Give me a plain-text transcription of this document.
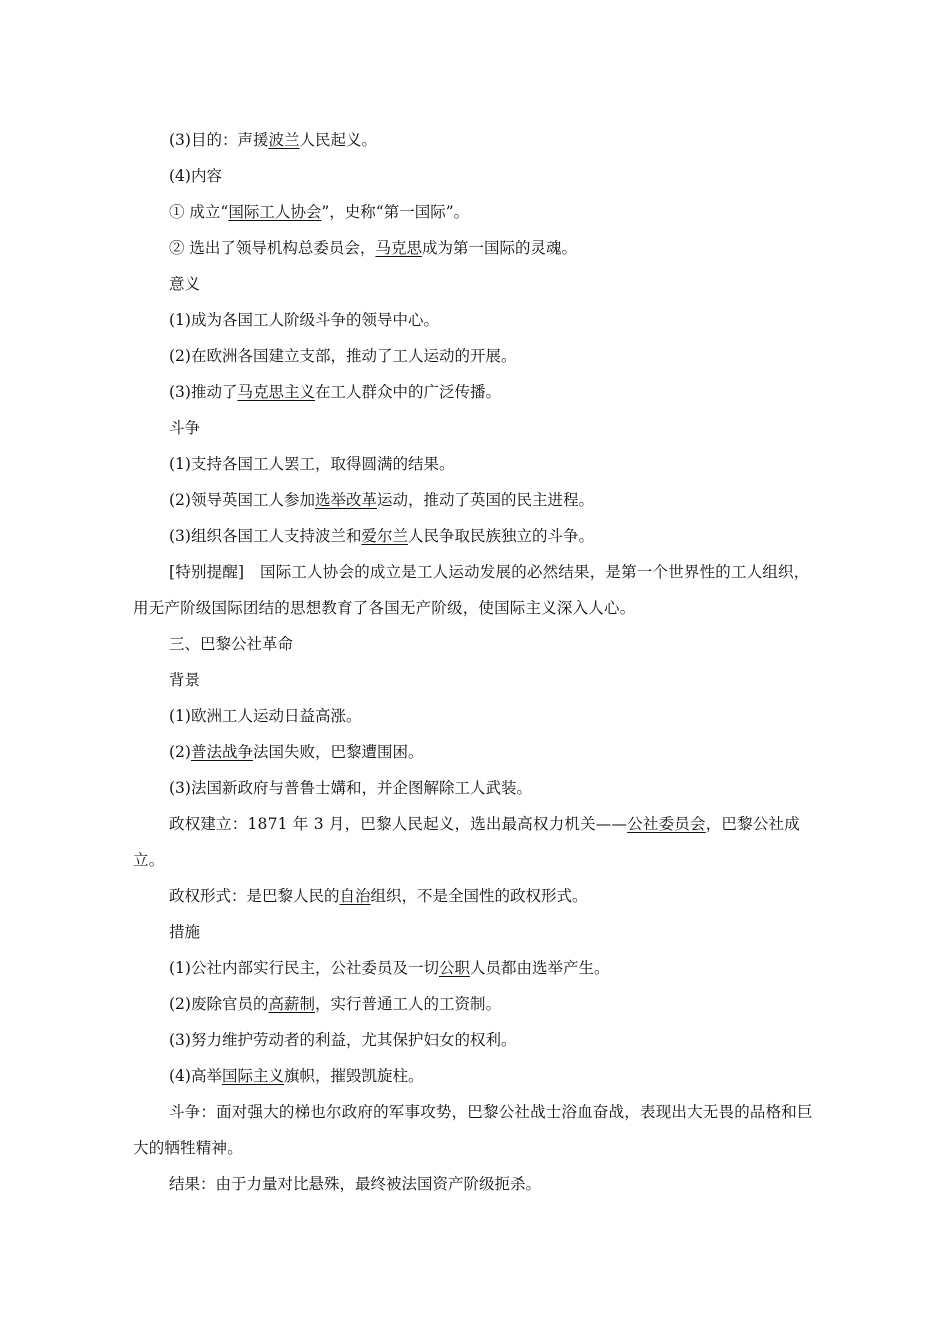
(3)目的：声援波兰人民起义。

(4)内容

① 成立“国际工人协会”，史称“第一国际”。

② 选出了领导机构总委员会，马克思成为第一国际的灵魂。

意义

(1)成为各国工人阶级斗争的领导中心。

(2)在欧洲各国建立支部，推动了工人运动的开展。

(3)推动了马克思主义在工人群众中的广泛传播。

斗争

(1)支持各国工人罢工，取得圆满的结果。

(2)领导英国工人参加选举改革运动，推动了英国的民主进程。

(3)组织各国工人支持波兰和爱尔兰人民争取民族独立的斗争。

[特别提醒]　国际工人协会的成立是工人运动发展的必然结果，是第一个世界性的工人组织，用无产阶级国际团结的思想教育了各国无产阶级，使国际主义深入人心。

三、巴黎公社革命

背景

(1)欧洲工人运动日益高涨。

(2)普法战争法国失败，巴黎遭围困。

(3)法国新政府与普鲁士媾和，并企图解除工人武装。

政权建立：1871 年 3 月，巴黎人民起义，选出最高权力机关——公社委员会，巴黎公社成立。

政权形式：是巴黎人民的自治组织，不是全国性的政权形式。

措施

(1)公社内部实行民主，公社委员及一切公职人员都由选举产生。

(2)废除官员的高薪制，实行普通工人的工资制。

(3)努力维护劳动者的利益，尤其保护妇女的权利。

(4)高举国际主义旗帜，摧毁凯旋柱。

斗争：面对强大的梯也尔政府的军事攻势，巴黎公社战士浴血奋战，表现出大无畏的品格和巨大的牺牲精神。

结果：由于力量对比悬殊，最终被法国资产阶级扼杀。
